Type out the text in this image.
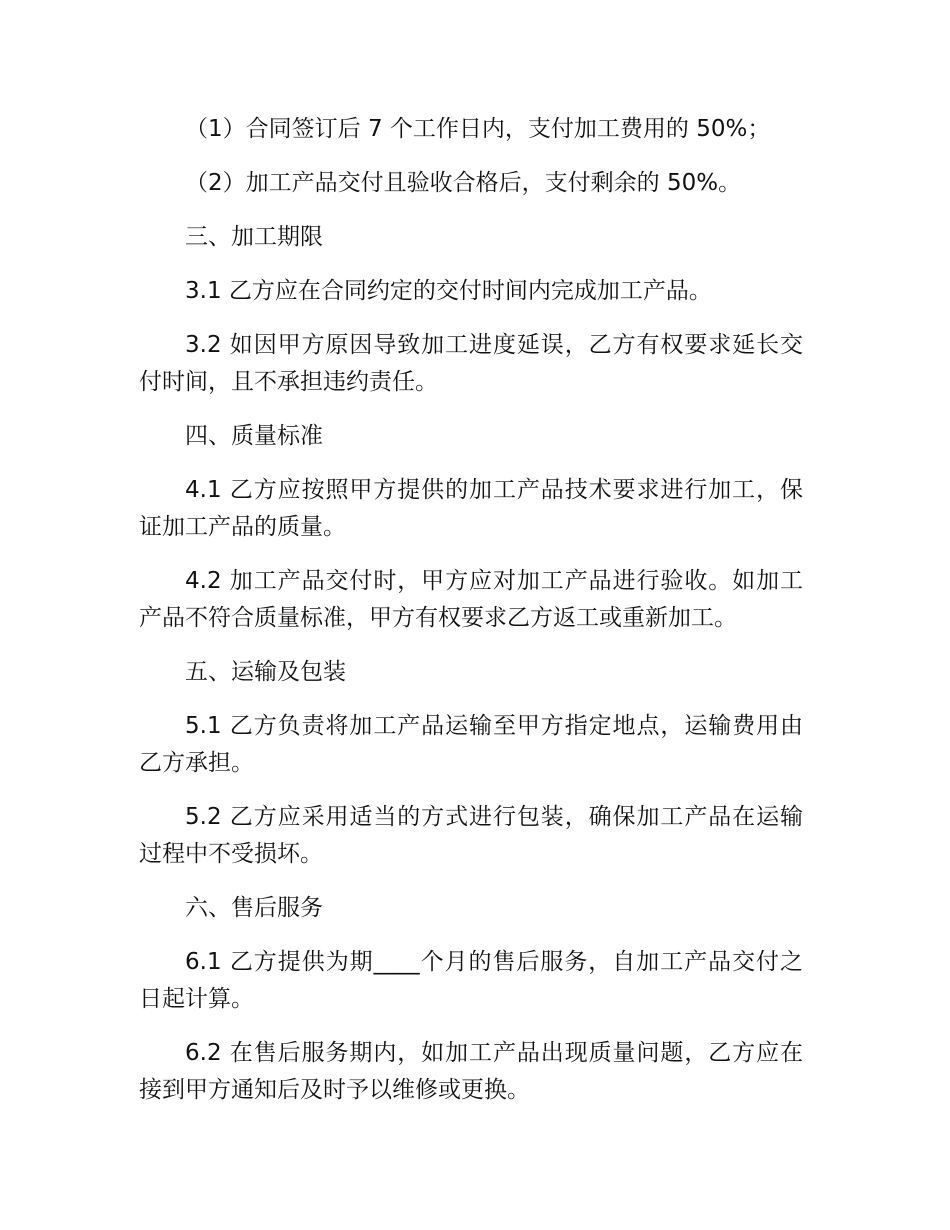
（1）合同签订后 7 个工作日内，支付加工费用的 50%；

（2）加工产品交付且验收合格后，支付剩余的 50%。

三、加工期限

3.1 乙方应在合同约定的交付时间内完成加工产品。

3.2 如因甲方原因导致加工进度延误，乙方有权要求延长交付时间，且不承担违约责任。

四、质量标准

4.1 乙方应按照甲方提供的加工产品技术要求进行加工，保证加工产品的质量。

4.2 加工产品交付时，甲方应对加工产品进行验收。如加工产品不符合质量标准，甲方有权要求乙方返工或重新加工。

五、运输及包装

5.1 乙方负责将加工产品运输至甲方指定地点，运输费用由乙方承担。

5.2 乙方应采用适当的方式进行包装，确保加工产品在运输过程中不受损坏。

六、售后服务

6.1 乙方提供为期____个月的售后服务，自加工产品交付之日起计算。

6.2 在售后服务期内，如加工产品出现质量问题，乙方应在接到甲方通知后及时予以维修或更换。
